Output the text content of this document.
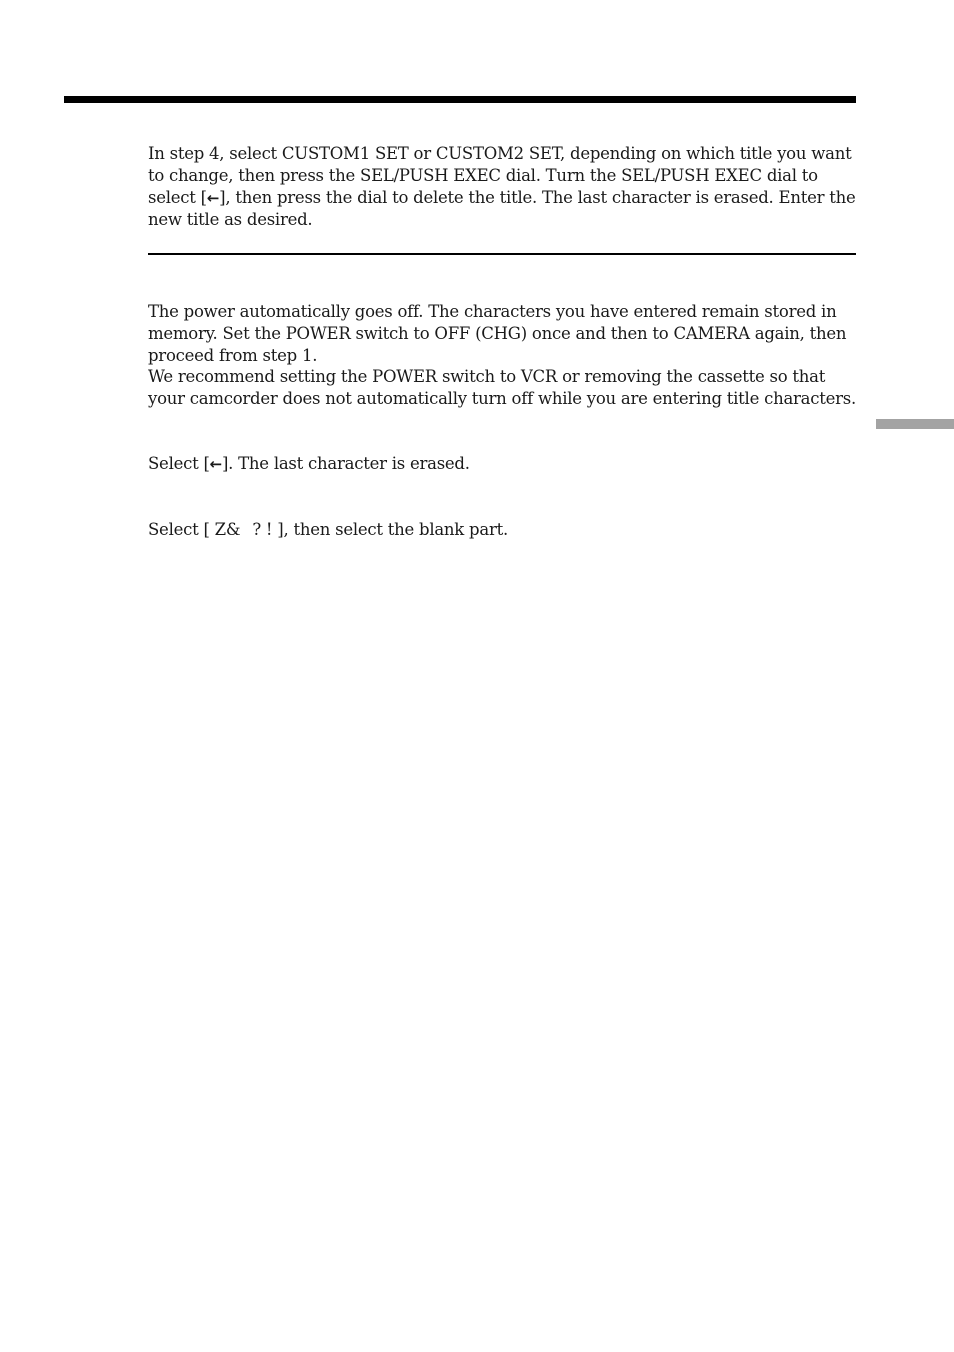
In step 4, select CUSTOM1 SET or CUSTOM2 SET, depending on which title you want
to change, then press the SEL/PUSH EXEC dial. Turn the SEL/PUSH EXEC dial to
select [←], then press the dial to delete the title. The last character is erased. Enter the
new title as desired.

The power automatically goes off. The characters you have entered remain stored in
memory. Set the POWER switch to OFF (CHG) once and then to CAMERA again, then
proceed from step 1.
We recommend setting the POWER switch to VCR or removing the cassette so that
your camcorder does not automatically turn off while you are entering title characters.

Select [←]. The last character is erased.

Select [ Z& ? ! ], then select the blank part.
